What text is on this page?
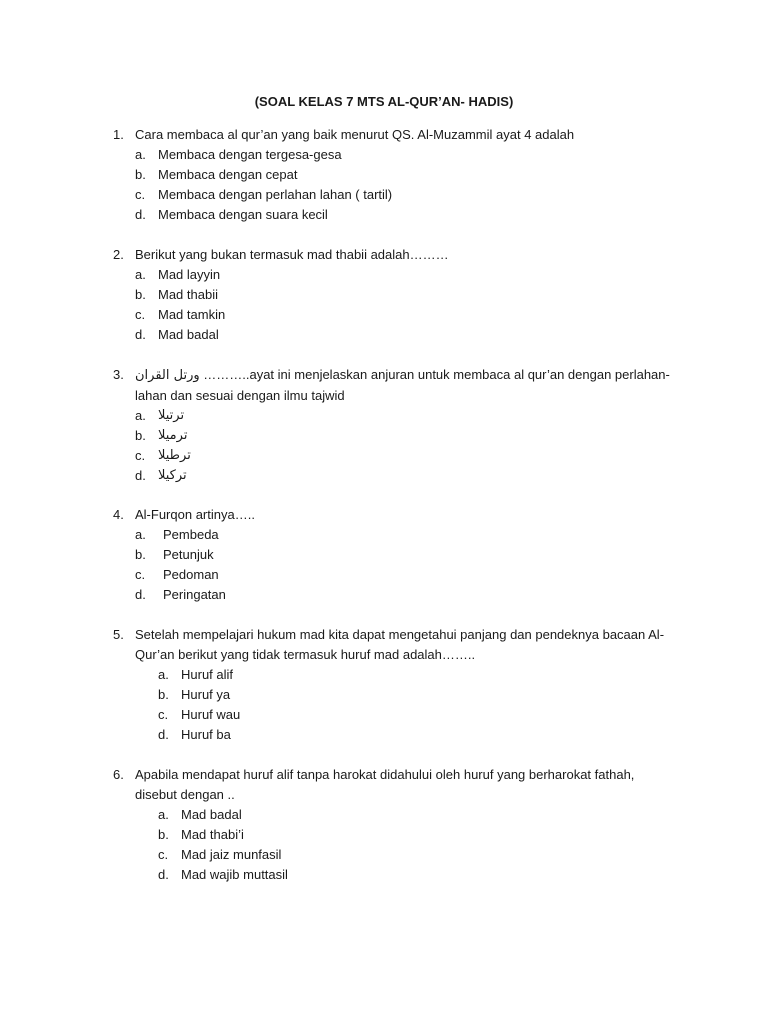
(SOAL KELAS 7 MTS AL-QUR’AN- HADIS)
1. Cara membaca al qur’an yang baik menurut QS. Al-Muzammil ayat 4 adalah
a. Membaca dengan tergesa-gesa
b. Membaca dengan cepat
c. Membaca dengan perlahan lahan ( tartil)
d. Membaca dengan suara kecil
2. Berikut yang bukan termasuk mad thabii adalah………
a. Mad layyin
b. Mad thabii
c. Mad tamkin
d. Mad badal
3. ورتل القران ………..ayat ini menjelaskan anjuran untuk membaca al qur’an dengan perlahan-lahan dan sesuai dengan ilmu tajwid
a. ترتيلا
b. ترميلا
c. ترطيلا
d. تركيلا
4. Al-Furqon artinya…..
a.	Pembeda
b.	Petunjuk
c.	Pedoman
d.	Peringatan
5. Setelah mempelajari hukum mad kita dapat mengetahui panjang dan pendeknya bacaan Al-Qur’an berikut yang tidak termasuk huruf mad adalah……..
a. Huruf alif
b. Huruf ya
c. Huruf wau
d. Huruf ba
6. Apabila mendapat huruf alif tanpa harokat didahului oleh huruf yang berharokat fathah, disebut dengan ..
a. Mad badal
b. Mad thabi’i
c. Mad jaiz munfasil
d. Mad wajib muttasil
